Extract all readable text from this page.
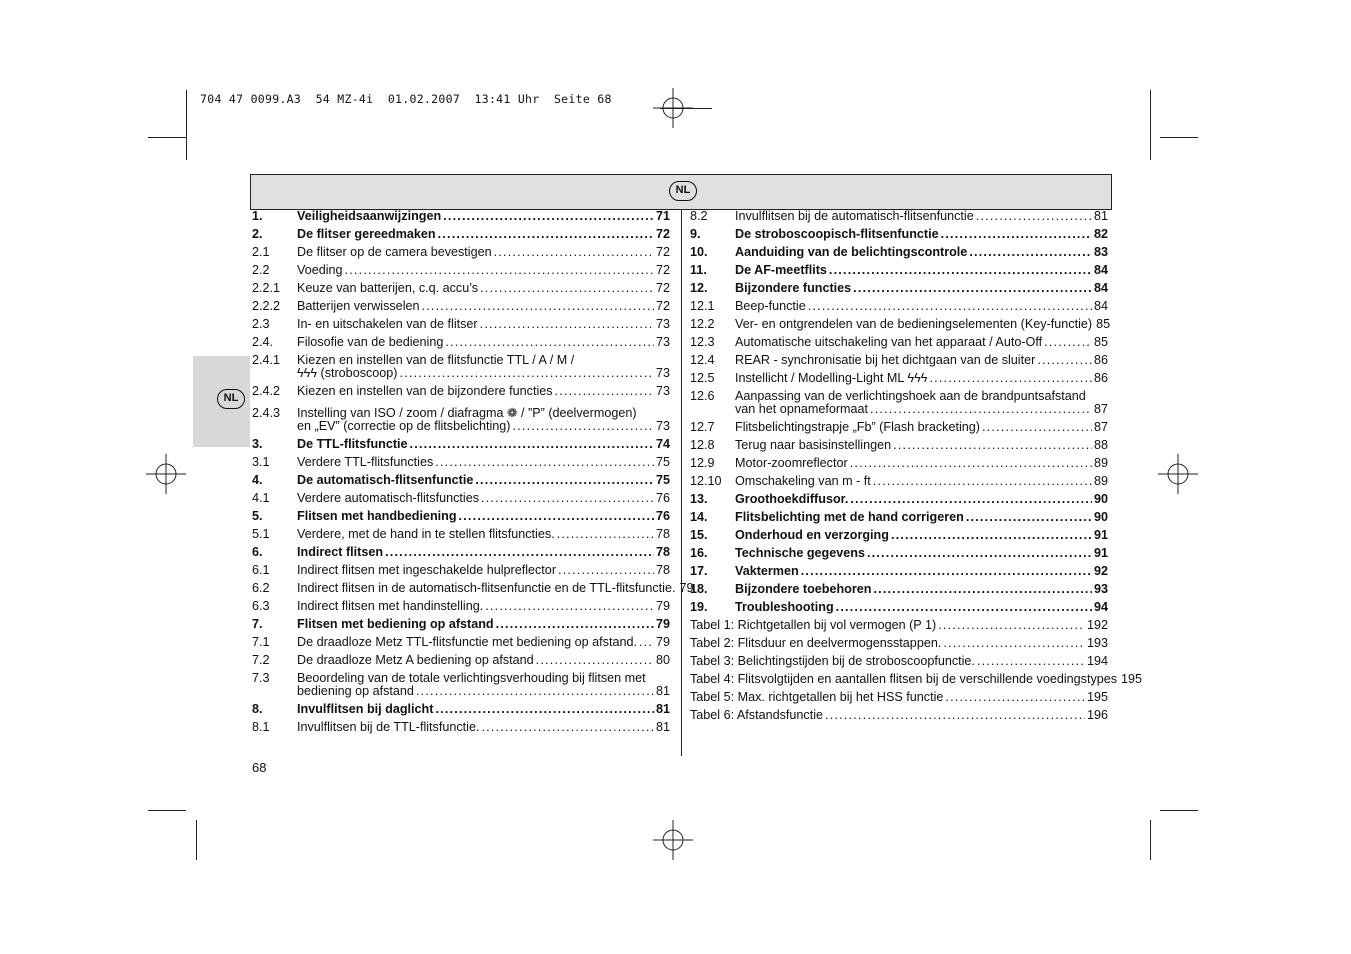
704 47 0099.A3  54 MZ-4i  01.02.2007  13:41 Uhr  Seite 68
NL
NL
1.	Veiligheidsaanwijzingen .....	71
2.	De flitser gereedmaken .....	72
2.1 De flitser op de camera bevestigen .....	72
2.2 Voeding .....	72
2.2.1 Keuze van batterijen, c.q. accu’s .....	72
2.2.2 Batterijen verwisselen .....	72
2.3 In- en uitschakelen van de flitser .....	73
2.4. Filosofie van de bediening .....	73
2.4.1 Kiezen en instellen van de flitsfunctie TTL / A / M /
ϟϟϟ (stroboscoop) .....	73
2.4.2 Kiezen en instellen van de bijzondere functies .....	73
2.4.3 Instelling van ISO / zoom / diafragma ❁ / ”P” (deelvermogen)
en „EV” (correctie op de flitsbelichting) .....	73
3.	De TTL-flitsfunctie .....	74
3.1 Verdere TTL-flitsfuncties .....	75
4.	De automatisch-flitsenfunctie .....	75
4.1 Verdere automatisch-flitsfuncties .....	76
5.	Flitsen met handbediening .....	76
5.1 Verdere, met de hand in te stellen flitsfuncties. .....	78
6.	Indirect flitsen .....	78
6.1 Indirect flitsen met ingeschakelde hulpreflector .....	78
6.2 Indirect flitsen in de automatisch-flitsenfunctie en de TTL-flitsfunctie. 79
6.3 Indirect flitsen met handinstelling. .....	79
7.	Flitsen met bediening op afstand .....	79
7.1 De draadloze Metz TTL-flitsfunctie met bediening op afstand. ..... 79
7.2 De draadloze Metz A bediening op afstand .....	80
7.3 Beoordeling van de totale verlichtingsverhouding bij flitsen met
bediening op afstand .....	81
8.	Invulflitsen bij daglicht .....	81
8.1 Invulflitsen bij de TTL-flitsfunctie. .....	81
8.2 Invulflitsen bij de automatisch-flitsenfunctie .....	81
9.	De stroboscoopisch-flitsenfunctie .....	82
10. Aanduiding van de belichtingscontrole .....	83
11. De AF-meetflits .....	84
12. Bijzondere functies .....	84
12.1 Beep-functie .....	84
12.2 Ver- en ontgrendelen van de bedieningselementen (Key-functie) 85
12.3 Automatische uitschakeling van het apparaat / Auto-Off .....	85
12.4 REAR - synchronisatie bij het dichtgaan van de sluiter .....	86
12.5 Instellicht / Modelling-Light ML ϟϟϟ .....	86
12.6 Aanpassing van de verlichtingshoek aan de brandpuntsafstand
van het opnameformaat .....	87
12.7 Flitsbelichtingstrapje „Fb” (Flash bracketing) .....	87
12.8 Terug naar basisinstellingen .....	88
12.9 Motor-zoomreflector .....	89
12.10 Omschakeling van m - ft .....	89
13. Groothoekdiffusor. .....	90
14. Flitsbelichting met de hand corrigeren .....	90
15. Onderhoud en verzorging .....	91
16. Technische gegevens .....	91
17. Vaktermen .....	92
18. Bijzondere toebehoren .....	93
19. Troubleshooting .....	94
Tabel 1: Richtgetallen bij vol vermogen (P 1) .....	192
Tabel 2: Flitsduur en deelvermogensstappen. .....	193
Tabel 3: Belichtingstijden bij de stroboscoopfunctie. .....	194
Tabel 4: Flitsvolgtijden en aantallen flitsen bij de verschillende voedingstypes 195
Tabel 5: Max. richtgetallen bij het HSS functie .....	195
Tabel 6: Afstandsfunctie .....	196
68
